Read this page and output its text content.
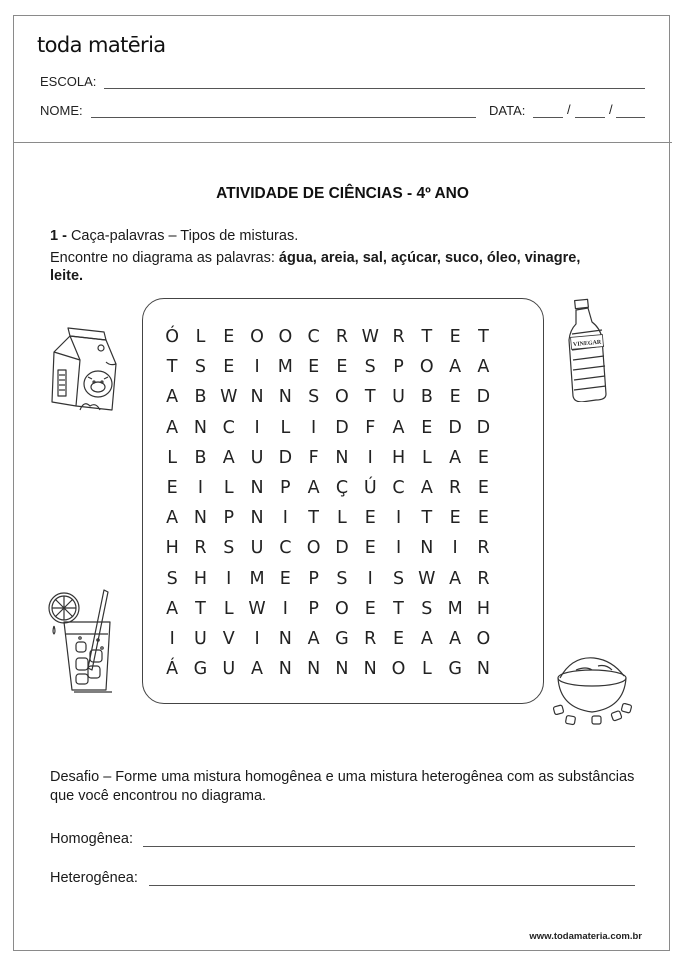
toda matēria
ESCOLA:
NOME:	DATA:	/	/
ATIVIDADE DE CIÊNCIAS - 4º ANO
1 - Caça-palavras – Tipos de misturas.
Encontre no diagrama as palavras: água, areia, sal, açúcar, suco, óleo, vinagre,
leite.
Ó L	E O O C R W R T E T
T S E	I	M E E S P O A A
A B W N N S O T U B E D
A N C	I	L	I	D F A E D D
L B A U D F N	I	H L A E
E	I	L N P A Ç Ú C A R E
A N P N	I	T	L	E	I	T E E
H R S U C O D E	I	N	I	R
S H	I	M E P S	I	S W A R
A T	L W I	P O E T S M H
I	U V	I	N A G R E A A O
Á G U A N N N N O L G N
VINEGAR
Desafio – Forme uma mistura homogênea e uma mistura heterogênea com as substâncias que você encontrou no diagrama.
Homogênea:
Heterogênea:
www.todamateria.com.br
